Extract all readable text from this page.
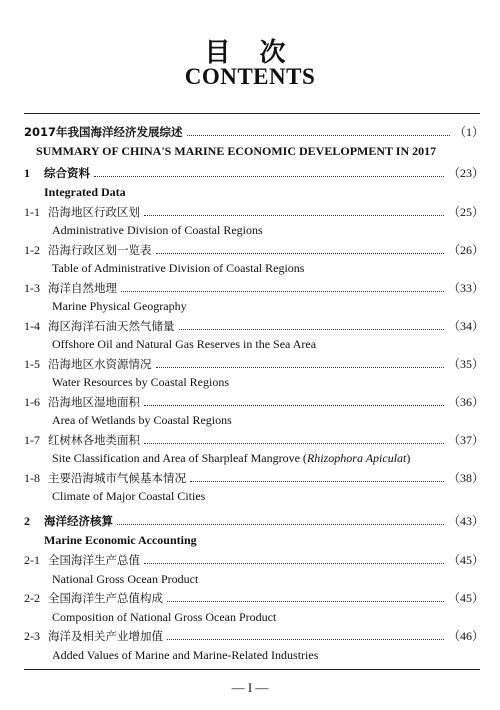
目 次
CONTENTS
2017年我国海洋经济发展综述	（1）
SUMMARY OF CHINA'S MARINE ECONOMIC DEVELOPMENT IN 2017
1	综合资料	（23）
Integrated Data
1-1 沿海地区行政区划	（25）
Administrative Division of Coastal Regions
1-2 沿海行政区划一览表	（26）
Table of Administrative Division of Coastal Regions
1-3 海洋自然地理	（33）
Marine Physical Geography
1-4 海区海洋石油天然气储量	（34）
Offshore Oil and Natural Gas Reserves in the Sea Area
1-5 沿海地区水资源情况	（35）
Water Resources by Coastal Regions
1-6 沿海地区湿地面积	（36）
Area of Wetlands by Coastal Regions
1-7 红树林各地类面积	（37）
Site Classification and Area of Sharpleaf Mangrove (Rhizophora Apiculat)
1-8 主要沿海城市气候基本情况	（38）
Climate of Major Coastal Cities
2	海洋经济核算	（43）
Marine Economic Accounting
2-1 全国海洋生产总值	（45）
National Gross Ocean Product
2-2 全国海洋生产总值构成	（45）
Composition of National Gross Ocean Product
2-3 海洋及相关产业增加值	（46）
Added Values of Marine and Marine-Related Industries
— I —
